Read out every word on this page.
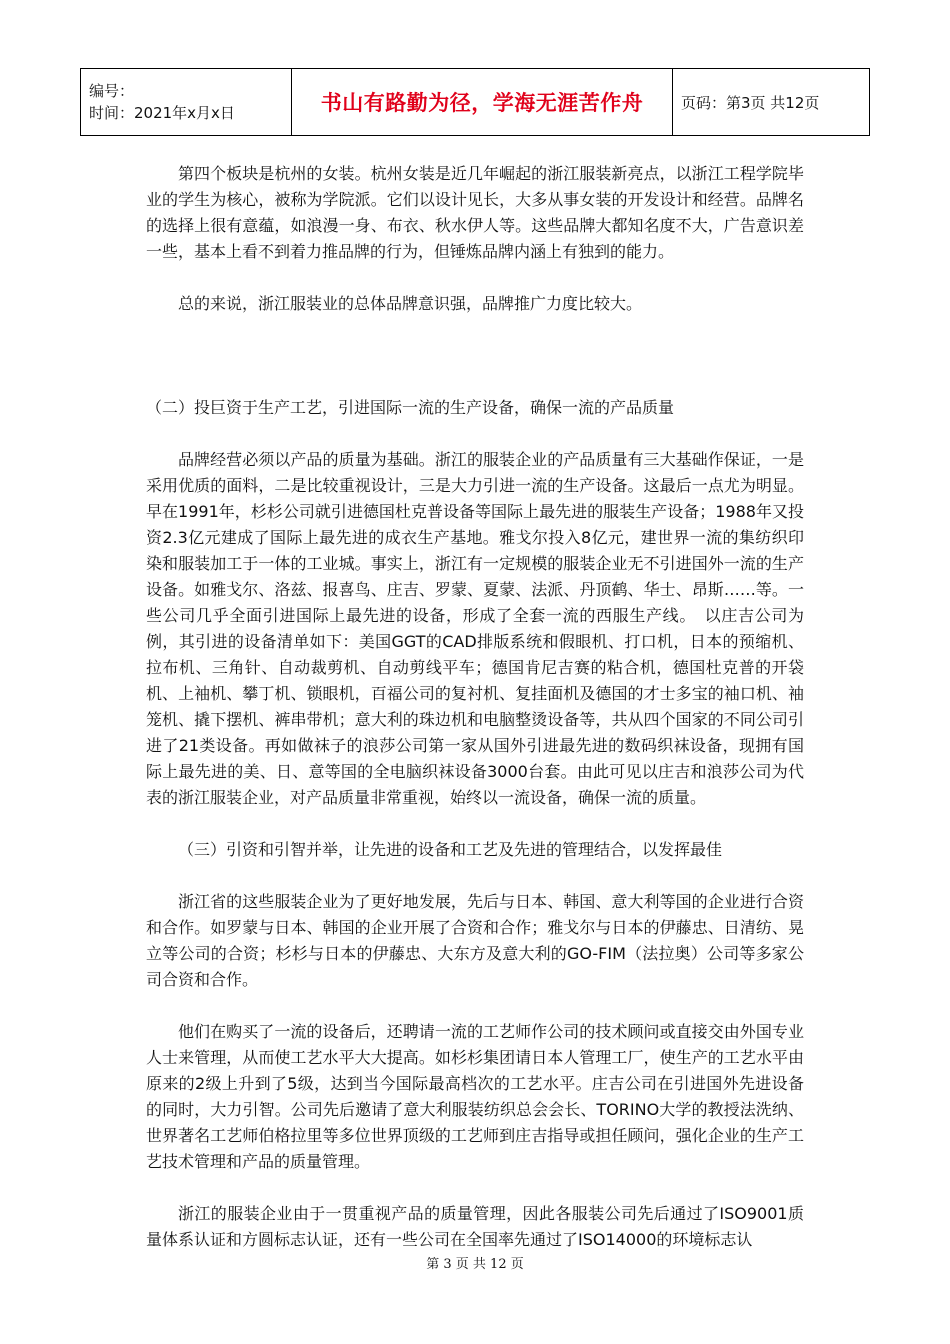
编号：
时间：2021年x月x日	书山有路勤为径，学海无涯苦作舟	页码：第3页 共12页

第四个板块是杭州的女装。杭州女装是近几年崛起的浙江服装新亮点，以浙江工程学院毕业的学生为核心，被称为学院派。它们以设计见长，大多从事女装的开发设计和经营。品牌名的选择上很有意蕴，如浪漫一身、布衣、秋水伊人等。这些品牌大都知名度不大，广告意识差一些，基本上看不到着力推品牌的行为，但锤炼品牌内涵上有独到的能力。

总的来说，浙江服装业的总体品牌意识强，品牌推广力度比较大。

（二）投巨资于生产工艺，引进国际一流的生产设备，确保一流的产品质量

品牌经营必须以产品的质量为基础。浙江的服装企业的产品质量有三大基础作保证，一是采用优质的面料，二是比较重视设计，三是大力引进一流的生产设备。这最后一点尤为明显。早在1991年，杉杉公司就引进德国杜克普设备等国际上最先进的服装生产设备；1988年又投资2.3亿元建成了国际上最先进的成衣生产基地。雅戈尔投入8亿元，建世界一流的集纺织印染和服装加工于一体的工业城。事实上，浙江有一定规模的服装企业无不引进国外一流的生产设备。如雅戈尔、洛兹、报喜鸟、庄吉、罗蒙、夏蒙、法派、丹顶鹤、华士、昂斯……等。一些公司几乎全面引进国际上最先进的设备，形成了全套一流的西服生产线。　以庄吉公司为例，其引进的设备清单如下：美国GGT的CAD排版系统和假眼机、打口机，日本的预缩机、拉布机、三角针、自动裁剪机、自动剪线平车；德国肯尼吉赛的粘合机，德国杜克普的开袋机、上袖机、攀丁机、锁眼机，百福公司的复衬机、复挂面机及德国的才士多宝的袖口机、袖笼机、撬下摆机、裤串带机；意大利的珠边机和电脑整烫设备等，共从四个国家的不同公司引进了21类设备。再如做袜子的浪莎公司第一家从国外引进最先进的数码织袜设备，现拥有国际上最先进的美、日、意等国的全电脑织袜设备3000台套。由此可见以庄吉和浪莎公司为代表的浙江服装企业，对产品质量非常重视，始终以一流设备，确保一流的质量。

（三）引资和引智并举，让先进的设备和工艺及先进的管理结合，以发挥最佳

浙江省的这些服装企业为了更好地发展，先后与日本、韩国、意大利等国的企业进行合资和合作。如罗蒙与日本、韩国的企业开展了合资和合作；雅戈尔与日本的伊藤忠、日清纺、晃立等公司的合资；杉杉与日本的伊藤忠、大东方及意大利的GO-FIM（法拉奥）公司等多家公司合资和合作。

他们在购买了一流的设备后，还聘请一流的工艺师作公司的技术顾问或直接交由外国专业人士来管理，从而使工艺水平大大提高。如杉杉集团请日本人管理工厂，使生产的工艺水平由原来的2级上升到了5级，达到当今国际最高档次的工艺水平。庄吉公司在引进国外先进设备的同时，大力引智。公司先后邀请了意大利服装纺织总会会长、TORINO大学的教授法洗纳、世界著名工艺师伯格拉里等多位世界顶级的工艺师到庄吉指导或担任顾问，强化企业的生产工艺技术管理和产品的质量管理。

浙江的服装企业由于一贯重视产品的质量管理，因此各服装公司先后通过了ISO9001质量体系认证和方圆标志认证，还有一些公司在全国率先通过了ISO14000的环境标志认

第 3 页 共 12 页
